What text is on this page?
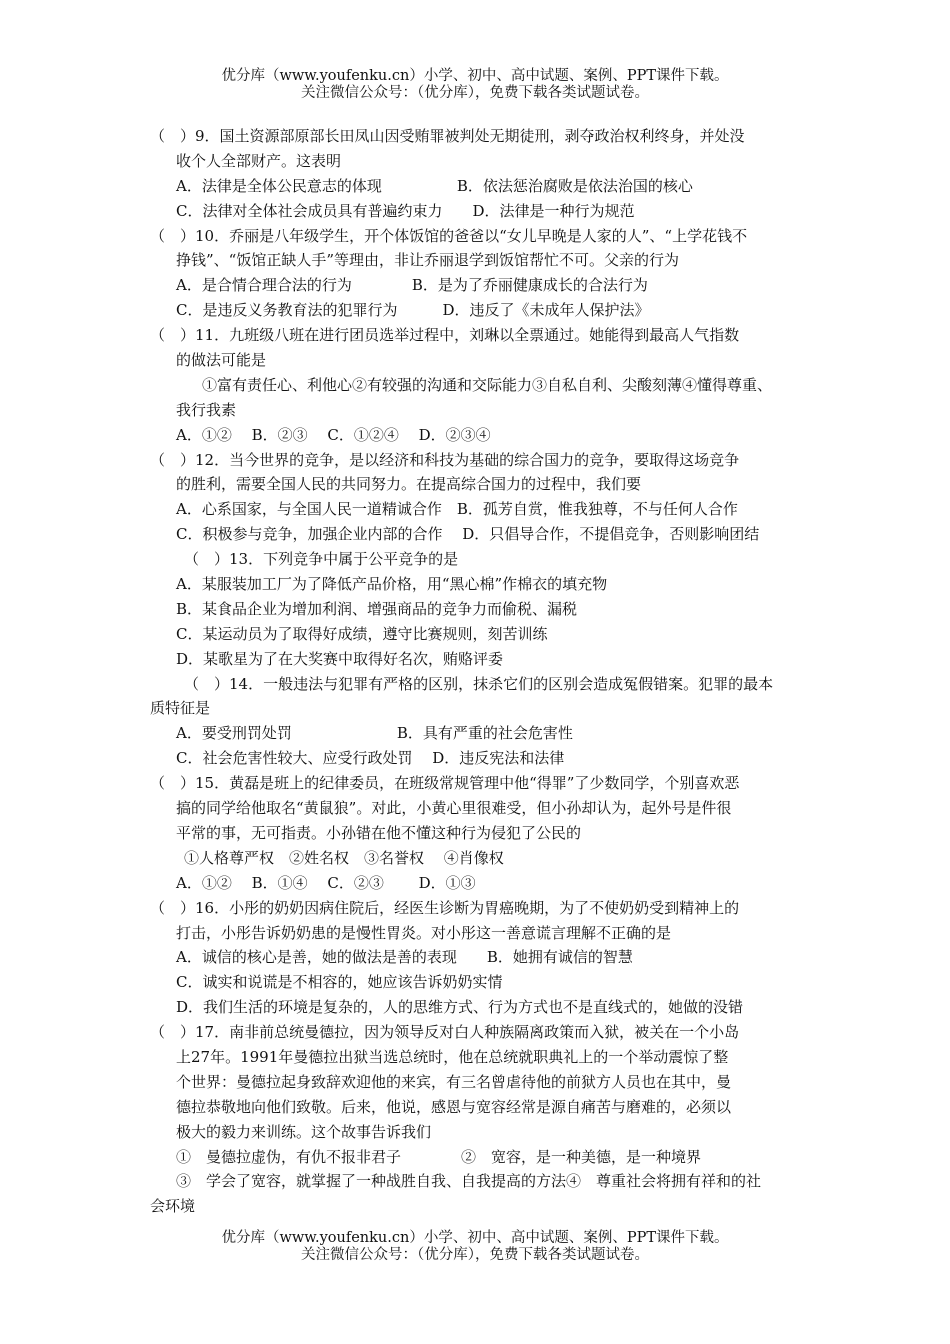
优分库（www.youfenku.cn）小学、初中、高中试题、案例、PPT课件下载。
关注微信公众号：（优分库），免费下载各类试题试卷。
（　）9．国土资源部原部长田凤山因受贿罪被判处无期徒刑，剥夺政治权利终身，并处没
收个人全部财产。这表明
A．法律是全体公民意志的体现　　　　　B．依法惩治腐败是依法治国的核心
C．法律对全体社会成员具有普遍约束力　　D．法律是一种行为规范
（　）10．乔丽是八年级学生，开个体饭馆的爸爸以“女儿早晚是人家的人”、“上学花钱不
挣钱”、“饭馆正缺人手”等理由，非让乔丽退学到饭馆帮忙不可。父亲的行为
A．是合情合理合法的行为　　　　B．是为了乔丽健康成长的合法行为
C．是违反义务教育法的犯罪行为　　　D．违反了《未成年人保护法》
（　）11．九班级八班在进行团员选举过程中，刘琳以全票通过。她能得到最高人气指数
的做法可能是
①富有责任心、利他心②有较强的沟通和交际能力③自私自利、尖酸刻薄④懂得尊重、
我行我素
A．①②　 B．②③　 C．①②④　 D．②③④
（　）12．当今世界的竞争，是以经济和科技为基础的综合国力的竞争，要取得这场竞争
的胜利，需要全国人民的共同努力。在提高综合国力的过程中，我们要
A．心系国家，与全国人民一道精诚合作　B．孤芳自赏，惟我独尊，不与任何人合作
C．积极参与竞争，加强企业内部的合作　 D．只倡导合作，不提倡竞争，否则影响团结
（　）13．下列竞争中属于公平竞争的是
A．某服装加工厂为了降低产品价格，用“黑心棉”作棉衣的填充物
B．某食品企业为增加利润、增强商品的竞争力而偷税、漏税
C．某运动员为了取得好成绩，遵守比赛规则，刻苦训练
D．某歌星为了在大奖赛中取得好名次，贿赂评委
（　）14．一般违法与犯罪有严格的区别，抹杀它们的区别会造成冤假错案。犯罪的最本
质特征是
A．要受刑罚处罚　　　　　　　B．具有严重的社会危害性
C．社会危害性较大、应受行政处罚　 D．违反宪法和法律
（　）15．黄磊是班上的纪律委员，在班级常规管理中他“得罪”了少数同学，个别喜欢恶
搞的同学给他取名“黄鼠狼”。对此，小黄心里很难受，但小孙却认为，起外号是件很
平常的事，无可指责。小孙错在他不懂这种行为侵犯了公民的
①人格尊严权　②姓名权　③名誉权　 ④肖像权
A．①②　 B．①④　 C．②③　　 D．①③
（　）16．小彤的奶奶因病住院后，经医生诊断为胃癌晚期，为了不使奶奶受到精神上的
打击，小彤告诉奶奶患的是慢性胃炎。对小彤这一善意谎言理解不正确的是
A．诚信的核心是善，她的做法是善的表现　　B．她拥有诚信的智慧
C．诚实和说谎是不相容的，她应该告诉奶奶实情
D．我们生活的环境是复杂的，人的思维方式、行为方式也不是直线式的，她做的没错
（　）17．南非前总统曼德拉，因为领导反对白人种族隔离政策而入狱，被关在一个小岛
上27年。1991年曼德拉出狱当选总统时，他在总统就职典礼上的一个举动震惊了整
个世界：曼德拉起身致辞欢迎他的来宾，有三名曾虐待他的前狱方人员也在其中，曼
德拉恭敬地向他们致敬。后来，他说，感恩与宽容经常是源自痛苦与磨难的，必须以
极大的毅力来训练。这个故事告诉我们
①　曼德拉虚伪，有仇不报非君子　　　　②　宽容，是一种美德，是一种境界
③　学会了宽容，就掌握了一种战胜自我、自我提高的方法④　尊重社会将拥有祥和的社
会环境
优分库（www.youfenku.cn）小学、初中、高中试题、案例、PPT课件下载。
关注微信公众号：（优分库），免费下载各类试题试卷。
